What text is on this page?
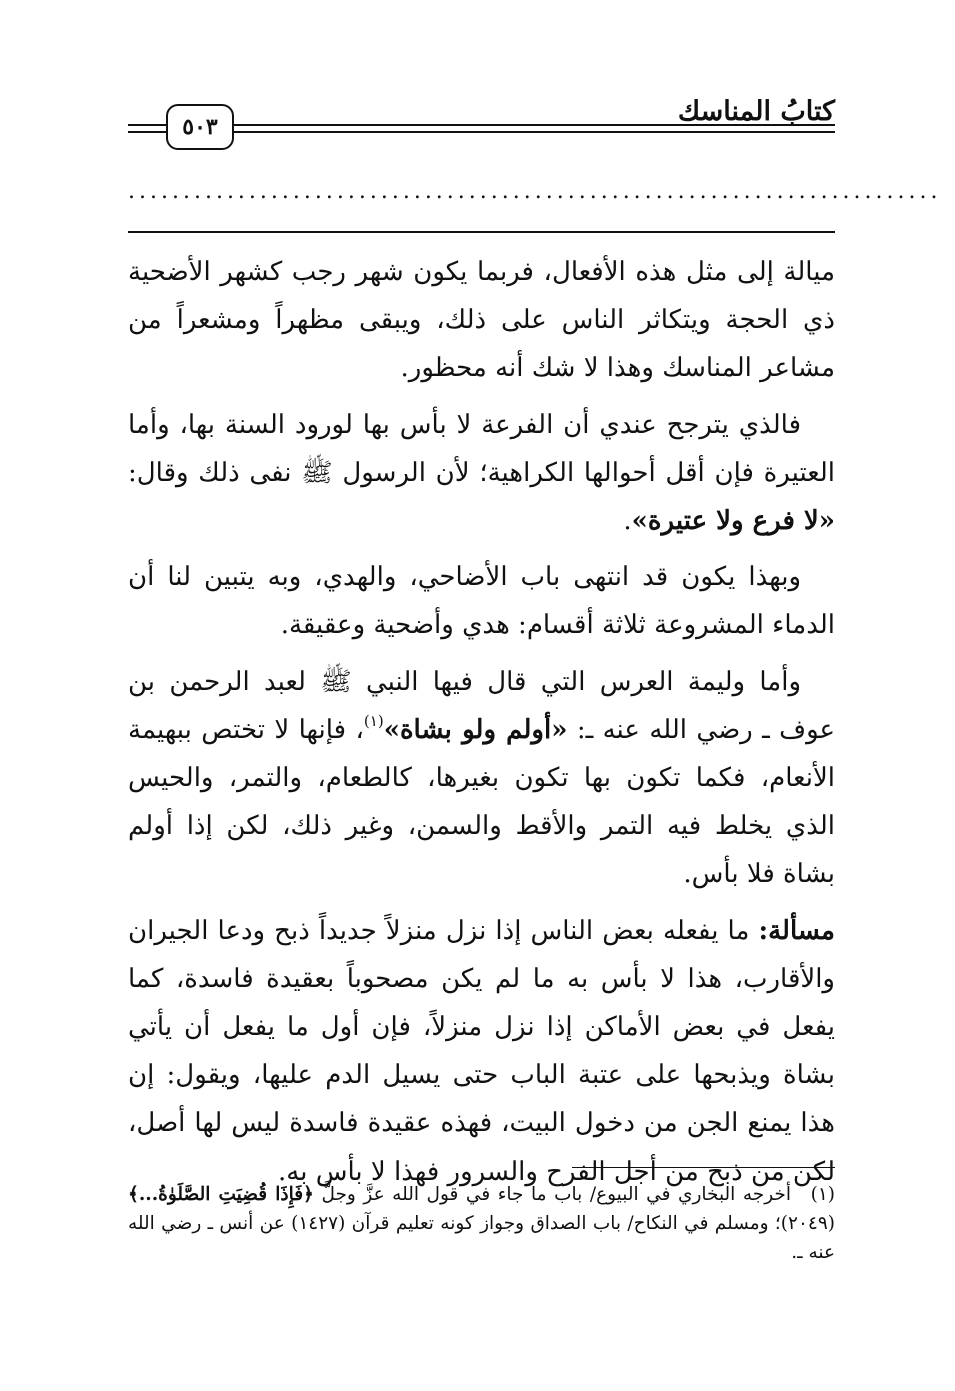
كتابُ المناسك
٥٠٣
..........................................................................

ميالة إلى مثل هذه الأفعال، فربما يكون شهر رجب كشهر الأضحية ذي الحجة ويتكاثر الناس على ذلك، ويبقى مظهراً ومشعراً من مشاعر المناسك وهذا لا شك أنه محظور.

فالذي يترجح عندي أن الفرعة لا بأس بها لورود السنة بها، وأما العتيرة فإن أقل أحوالها الكراهية؛ لأن الرسول ﷺ نفى ذلك وقال: «لا فرع ولا عتيرة».

وبهذا يكون قد انتهى باب الأضاحي، والهدي، وبه يتبين لنا أن الدماء المشروعة ثلاثة أقسام: هدي وأضحية وعقيقة.

وأما وليمة العرس التي قال فيها النبي ﷺ لعبد الرحمن بن عوف ـ رضي الله عنه ـ: «أولم ولو بشاة»$^{(١)}$، فإنها لا تختص ببهيمة الأنعام، فكما تكون بها تكون بغيرها، كالطعام، والتمر، والحيس الذي يخلط فيه التمر والأقط والسمن، وغير ذلك، لكن إذا أولم بشاة فلا بأس.

مسألة: ما يفعله بعض الناس إذا نزل منزلاً جديداً ذبح ودعا الجيران والأقارب، هذا لا بأس به ما لم يكن مصحوباً بعقيدة فاسدة، كما يفعل في بعض الأماكن إذا نزل منزلاً، فإن أول ما يفعل أن يأتي بشاة ويذبحها على عتبة الباب حتى يسيل الدم عليها، ويقول: إن هذا يمنع الجن من دخول البيت، فهذه عقيدة فاسدة ليس لها أصل، لكن من ذبح من أجل الفرح والسرور فهذا لا بأس به.

(١)أخرجه البخاري في البيوع/ باب ما جاء في قول الله عزَّ وجلَّ ﴿فَإِذَا قُضِيَتِ الصَّلَوٰةُ...﴾ (٢٠٤٩)؛ ومسلم في النكاح/ باب الصداق وجواز كونه تعليم قرآن (١٤٢٧) عن أنس ـ رضي الله عنه ـ.
